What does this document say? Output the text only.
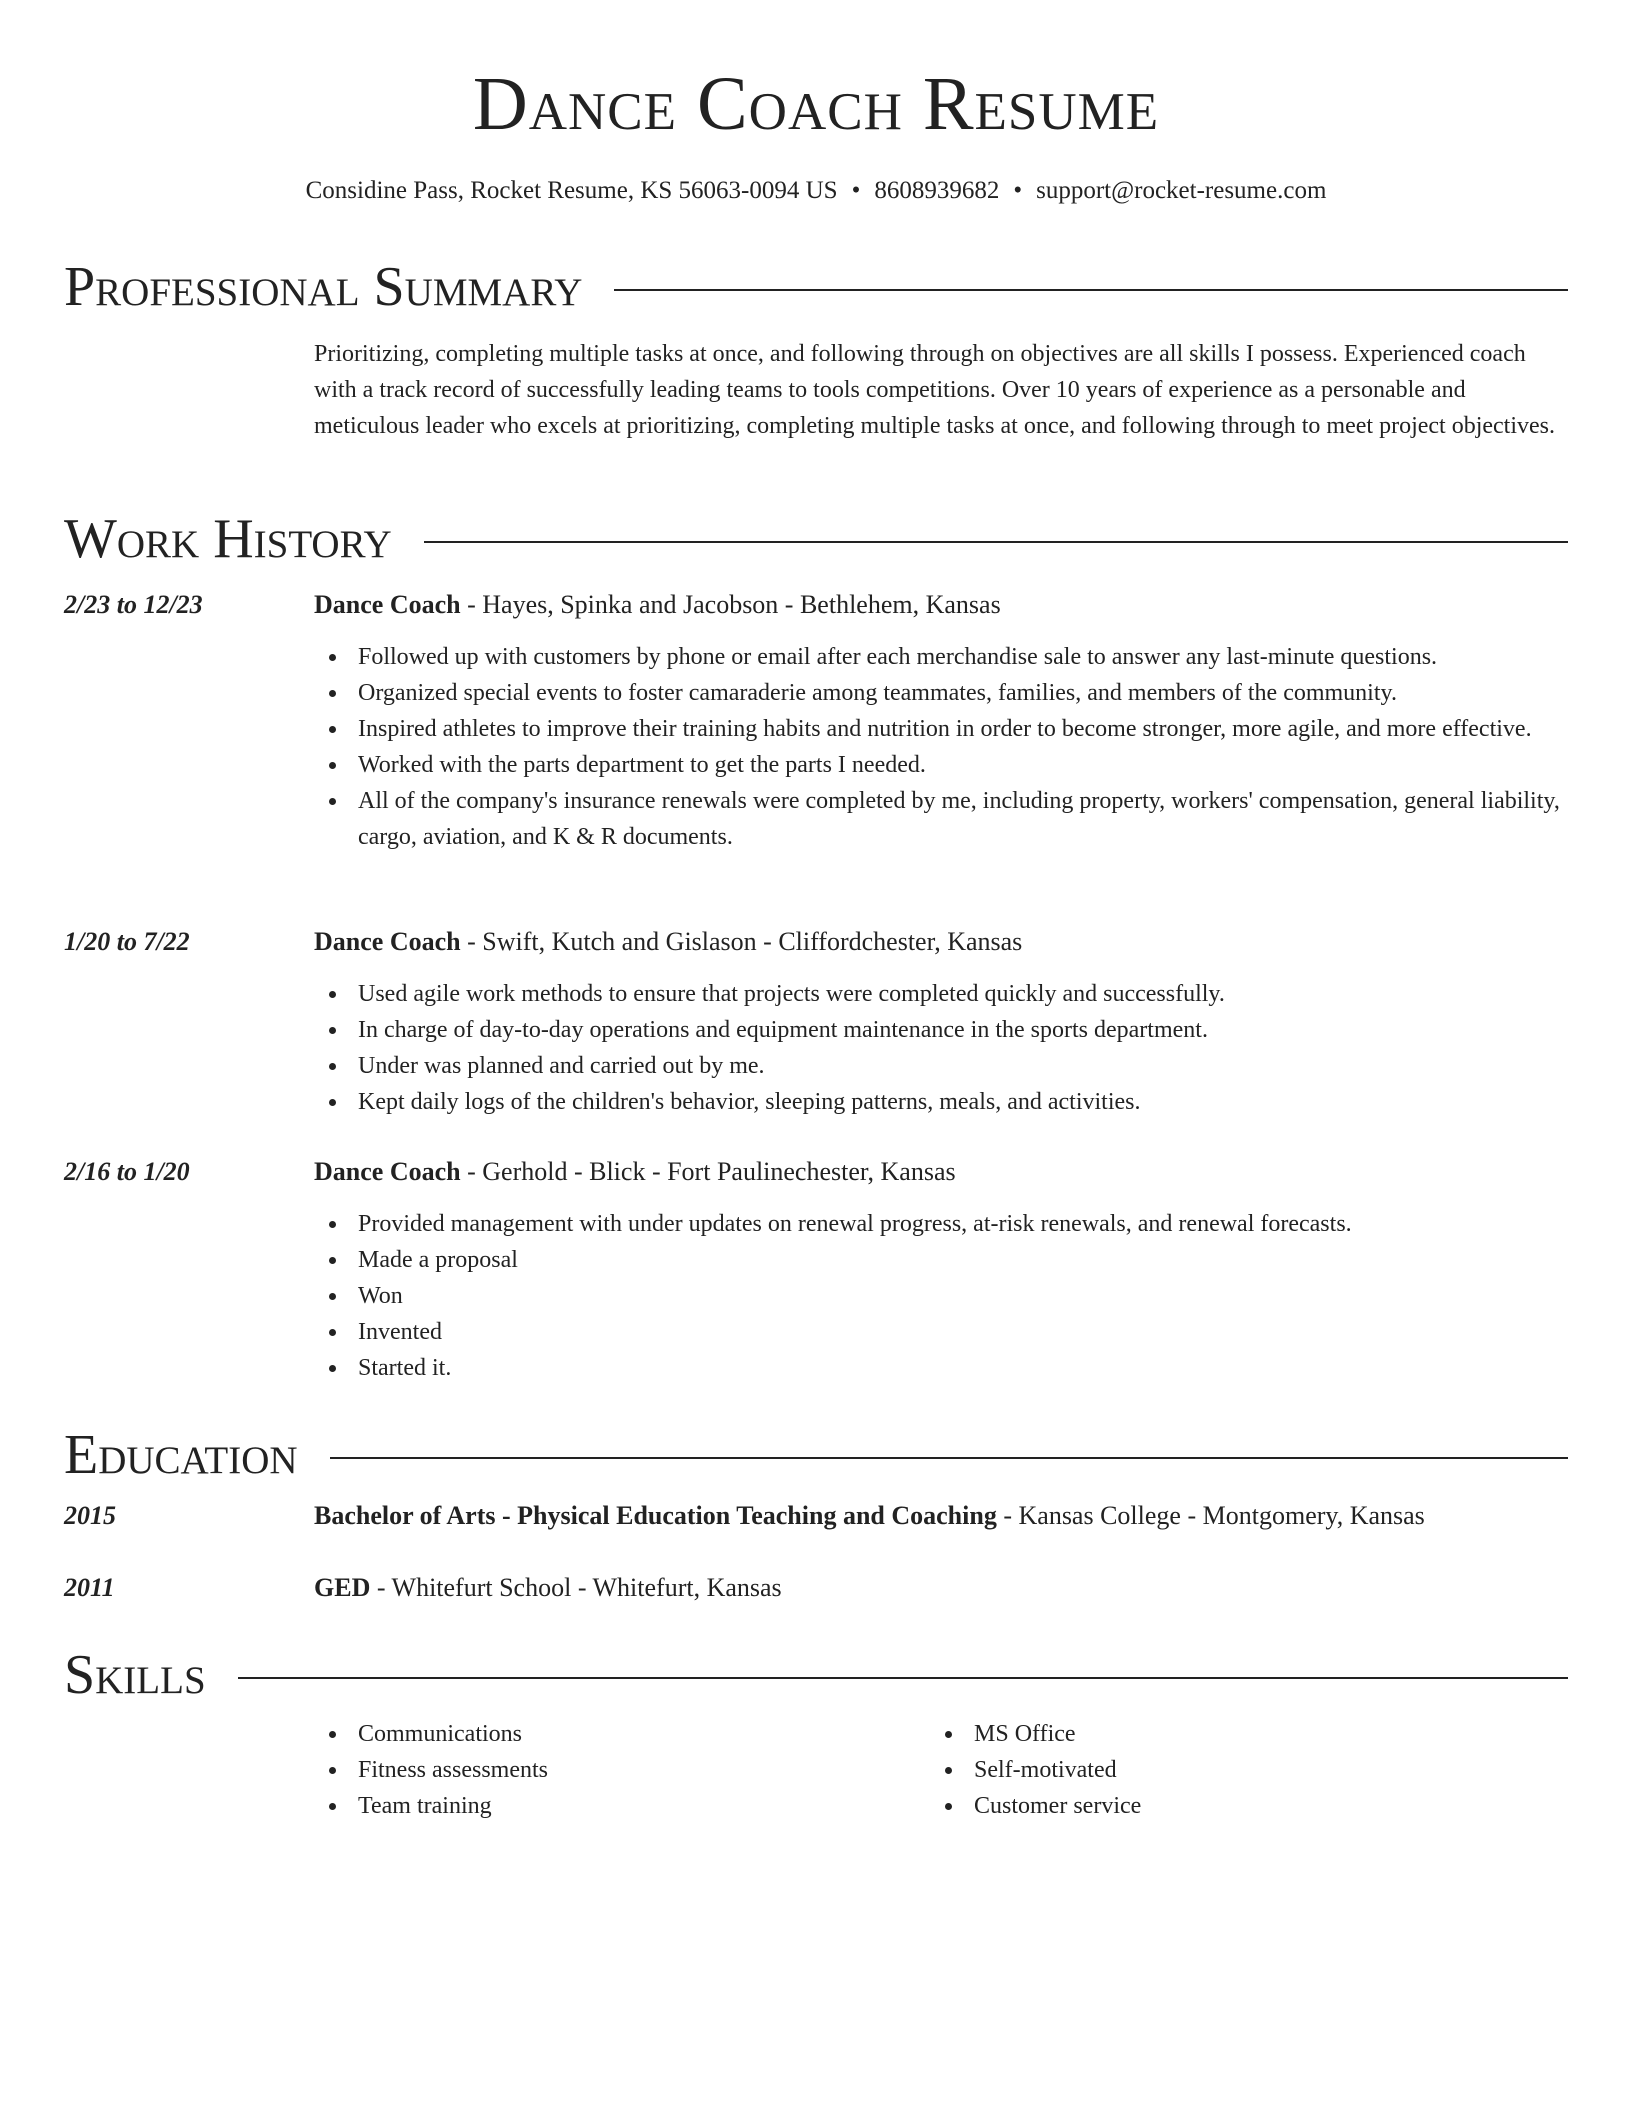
Dance Coach Resume
Considine Pass, Rocket Resume, KS 56063-0094 US • 8608939682 • support@rocket-resume.com
Professional Summary

Prioritizing, completing multiple tasks at once, and following through on objectives are all skills I possess. Experienced coach with a track record of successfully leading teams to tools competitions. Over 10 years of experience as a personable and meticulous leader who excels at prioritizing, completing multiple tasks at once, and following through to meet project objectives.

Work History
2/23 to 12/23	Dance Coach - Hayes, Spinka and Jacobson - Bethlehem, Kansas
Followed up with customers by phone or email after each merchandise sale to answer any last-minute questions.
Organized special events to foster camaraderie among teammates, families, and members of the community.
Inspired athletes to improve their training habits and nutrition in order to become stronger, more agile, and more effective.
Worked with the parts department to get the parts I needed.
All of the company's insurance renewals were completed by me, including property, workers' compensation, general liability, cargo, aviation, and K & R documents.
1/20 to 7/22	Dance Coach - Swift, Kutch and Gislason - Cliffordchester, Kansas
Used agile work methods to ensure that projects were completed quickly and successfully.
In charge of day-to-day operations and equipment maintenance in the sports department.
Under was planned and carried out by me.
Kept daily logs of the children's behavior, sleeping patterns, meals, and activities.
2/16 to 1/20	Dance Coach - Gerhold - Blick - Fort Paulinechester, Kansas
Provided management with under updates on renewal progress, at-risk renewals, and renewal forecasts.
Made a proposal
Won
Invented
Started it.
Education
2015	Bachelor of Arts - Physical Education Teaching and Coaching - Kansas College - Montgomery, Kansas
2011	GED - Whitefurt School - Whitefurt, Kansas
Skills
Communications
Fitness assessments
Team training
MS Office
Self-motivated
Customer service
